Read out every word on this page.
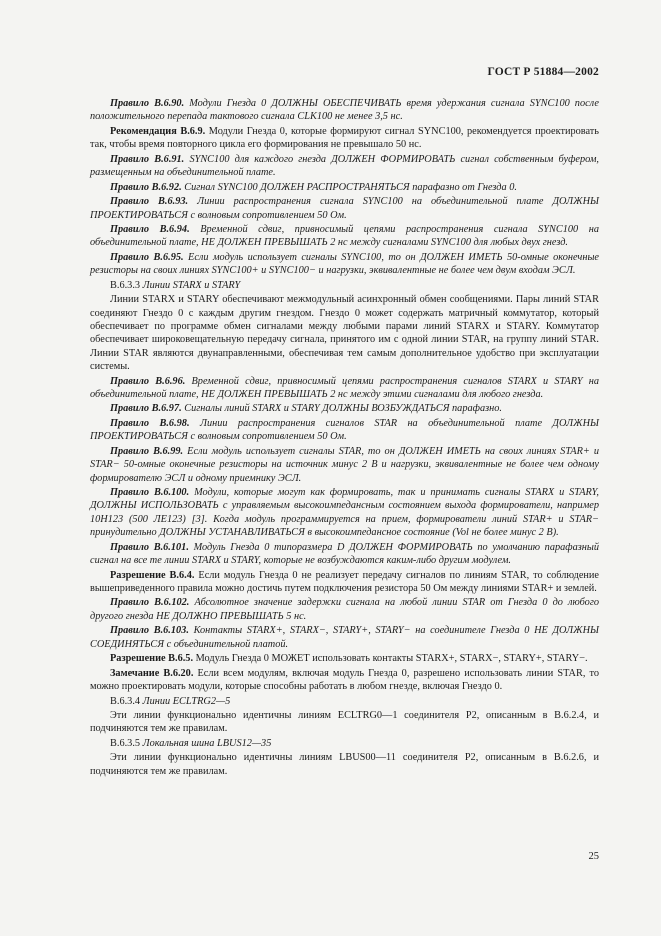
ГОСТ Р 51884—2002

Правило В.6.90. Модули Гнезда 0 ДОЛЖНЫ ОБЕСПЕЧИВАТЬ время удержания сигнала SYNC100 после положительного перепада тактового сигнала CLK100 не менее 3,5 нс.

Рекомендация В.6.9. Модули Гнезда 0, которые формируют сигнал SYNC100, рекомендуется проектировать так, чтобы время повторного цикла его формирования не превышало 50 нс.

Правило В.6.91. SYNC100 для каждого гнезда ДОЛЖЕН ФОРМИРОВАТЬ сигнал собственным буфером, размещенным на объединительной плате.

Правило В.6.92. Сигнал SYNC100 ДОЛЖЕН РАСПРОСТРАНЯТЬСЯ парафазно от Гнезда 0.

Правило В.6.93. Линии распространения сигнала SYNC100 на объединительной плате ДОЛЖНЫ ПРОЕКТИРОВАТЬСЯ с волновым сопротивлением 50 Ом.

Правило В.6.94. Временной сдвиг, привносимый цепями распространения сигнала SYNC100 на объединительной плате, НЕ ДОЛЖЕН ПРЕВЫШАТЬ 2 нс между сигналами SYNC100 для любых двух гнезд.

Правило В.6.95. Если модуль использует сигналы SYNC100, то он ДОЛЖЕН ИМЕТЬ 50-омные оконечные резисторы на своих линиях SYNC100+ и SYNC100− и нагрузки, эквивалентные не более чем двум входам ЭСЛ.

В.6.3.3 Линии STARX и STARY

Линии STARX и STARY обеспечивают межмодульный асинхронный обмен сообщениями. Пары линий STAR соединяют Гнездо 0 с каждым другим гнездом. Гнездо 0 может содержать матричный коммутатор, который обеспечивает по программе обмен сигналами между любыми парами линий STARX и STARY. Коммутатор обеспечивает широковещательную передачу сигнала, принятого им с одной линии STAR, на группу линий STAR. Линии STAR являются двунаправленными, обеспечивая тем самым дополнительное удобство при эксплуатации системы.

Правило В.6.96. Временной сдвиг, привносимый цепями распространения сигналов STARX и STARY на объединительной плате, НЕ ДОЛЖЕН ПРЕВЫШАТЬ 2 нс между этими сигналами для любого гнезда.

Правило В.6.97. Сигналы линий STARX и STARY ДОЛЖНЫ ВОЗБУЖДАТЬСЯ парафазно.

Правило В.6.98. Линии распространения сигналов STAR на объединительной плате ДОЛЖНЫ ПРОЕКТИРОВАТЬСЯ с волновым сопротивлением 50 Ом.

Правило В.6.99. Если модуль использует сигналы STAR, то он ДОЛЖЕН ИМЕТЬ на своих линиях STAR+ и STAR− 50-омные оконечные резисторы на источник минус 2 В и нагрузки, эквивалентные не более чем одному формирователю ЭСЛ и одному приемнику ЭСЛ.

Правило В.6.100. Модули, которые могут как формировать, так и принимать сигналы STARX и STARY, ДОЛЖНЫ ИСПОЛЬЗОВАТЬ с управляемым высокоимпедансным состоянием выхода формирователи, например 10Н123 (500 ЛЕ123) [3]. Когда модуль программируется на прием, формирователи линий STAR+ и STAR− принудительно ДОЛЖНЫ УСТАНАВЛИВАТЬСЯ в высокоимпедансное состояние (Vol не более минус 2 В).

Правило В.6.101. Модуль Гнезда 0 типоразмера D ДОЛЖЕН ФОРМИРОВАТЬ по умолчанию парафазный сигнал на все те линии STARX и STARY, которые не возбуждаются каким-либо другим модулем.

Разрешение В.6.4. Если модуль Гнезда 0 не реализует передачу сигналов по линиям STAR, то соблюдение вышеприведенного правила можно достичь путем подключения резистора 50 Ом между линиями STAR+ и землей.

Правило В.6.102. Абсолютное значение задержки сигнала на любой линии STAR от Гнезда 0 до любого другого гнезда НЕ ДОЛЖНО ПРЕВЫШАТЬ 5 нс.

Правило В.6.103. Контакты STARX+, STARX−, STARY+, STARY− на соединителе Гнезда 0 НЕ ДОЛЖНЫ СОЕДИНЯТЬСЯ с объединительной платой.

Разрешение В.6.5. Модуль Гнезда 0 МОЖЕТ использовать контакты STARX+, STARX−, STARY+, STARY−.

Замечание В.6.20. Если всем модулям, включая модуль Гнезда 0, разрешено использовать линии STAR, то можно проектировать модули, которые способны работать в любом гнезде, включая Гнездо 0.

В.6.3.4 Линии ECLTRG2—5

Эти линии функционально идентичны линиям ECLTRG0—1 соединителя Р2, описанным в В.6.2.4, и подчиняются тем же правилам.

В.6.3.5 Локальная шина LBUS12—35

Эти линии функционально идентичны линиям LBUS00—11 соединителя Р2, описанным в В.6.2.6, и подчиняются тем же правилам.

25
